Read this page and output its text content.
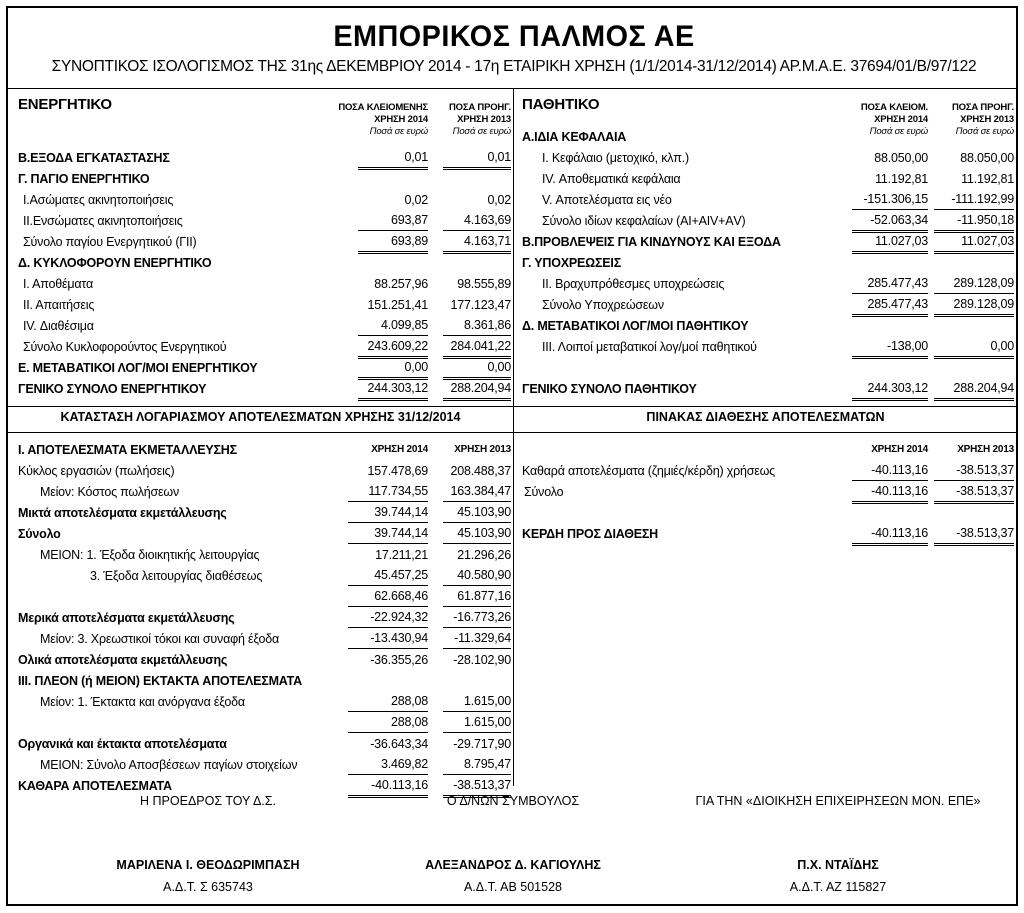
ΕΜΠΟΡΙΚΟΣ ΠΑΛΜΟΣ ΑΕ
ΣΥΝΟΠΤΙΚΟΣ ΙΣΟΛΟΓΙΣΜΟΣ ΤΗΣ 31ης ΔΕΚΕΜΒΡΙΟΥ 2014 - 17η ΕΤΑΙΡΙΚΗ ΧΡΗΣΗ (1/1/2014-31/12/2014) ΑΡ.Μ.Α.Ε. 37694/01/Β/97/122
ΕΝΕΡΓΗΤΙΚΟ	ΠΟΣΑ ΚΛΕΙΟΜΕΝΗΣ
ΧΡΗΣΗ 2014
Ποσά σε ευρώ
ΠΟΣΑ ΠΡΟΗΓ.
ΧΡΗΣΗ 2013
Ποσά σε ευρώ
Β.ΕΞΟΔΑ ΕΓΚΑΤΑΣΤΑΣΗΣ	0,01	0,01
Γ. ΠΑΓΙΟ ΕΝΕΡΓΗΤΙΚΟ
Ι.Ασώματες ακινητοποιήσεις	0,02	0,02
ΙΙ.Ενσώματες ακινητοποιήσεις	693,87	4.163,69
Σύνολο παγίου Ενεργητικού (ΓΙΙ)	693,89	4.163,71
Δ. ΚΥΚΛΟΦΟΡΟΥΝ ΕΝΕΡΓΗΤΙΚΟ
Ι. Αποθέματα	88.257,96	98.555,89
ΙΙ. Απαιτήσεις	151.251,41	177.123,47
IV. Διαθέσιμα	4.099,85	8.361,86
Σύνολο Κυκλοφορούντος Ενεργητικού	243.609,22	284.041,22
Ε. ΜΕΤΑΒΑΤΙΚΟΙ ΛΟΓ/ΜΟΙ ΕΝΕΡΓΗΤΙΚΟΥ	0,00	0,00
ΓΕΝΙΚΟ ΣΥΝΟΛΟ ΕΝΕΡΓΗΤΙΚΟΥ	244.303,12	288.204,94
ΠΑΘΗΤΙΚΟ	ΠΟΣΑ ΚΛΕΙΟΜ.
ΧΡΗΣΗ 2014
Ποσά σε ευρώ
ΠΟΣΑ ΠΡΟΗΓ.
ΧΡΗΣΗ 2013
Ποσά σε ευρώ
Α.ΙΔΙΑ ΚΕΦΑΛΑΙΑ
Ι. Κεφάλαιο (μετοχικό, κλπ.)	88.050,00	88.050,00
IV. Αποθεματικά κεφάλαια	11.192,81	11.192,81
V. Αποτελέσματα εις νέο	-151.306,15	-111.192,99
Σύνολο ιδίων κεφαλαίων (ΑΙ+ΑΙV+ΑV)	-52.063,34	-11.950,18
Β.ΠΡΟΒΛΕΨΕΙΣ ΓΙΑ ΚΙΝΔΥΝΟΥΣ ΚΑΙ ΕΞΟΔΑ	11.027,03	11.027,03
Γ. ΥΠΟΧΡΕΩΣΕΙΣ
ΙΙ. Βραχυπρόθεσμες υποχρεώσεις	285.477,43	289.128,09
Σύνολο Υποχρεώσεων	285.477,43	289.128,09
Δ. ΜΕΤΑΒΑΤΙΚΟΙ ΛΟΓ/ΜΟΙ ΠΑΘΗΤΙΚΟΥ
ΙΙΙ. Λοιποί μεταβατικοί λογ/μοί παθητικού	-138,00	0,00
ΓΕΝΙΚΟ ΣΥΝΟΛΟ ΠΑΘΗΤΙΚΟΥ	244.303,12	288.204,94
ΚΑΤΑΣΤΑΣΗ ΛΟΓΑΡΙΑΣΜΟΥ ΑΠΟΤΕΛΕΣΜΑΤΩΝ ΧΡΗΣΗΣ 31/12/2014
ΧΡΗΣΗ 2014	ΧΡΗΣΗ 2013
Ι. ΑΠΟΤΕΛΕΣΜΑΤΑ ΕΚΜΕΤΑΛΛΕΥΣΗΣ
Κύκλος εργασιών (πωλήσεις)	157.478,69	208.488,37
Μείον: Κόστος πωλήσεων	117.734,55	163.384,47
Μικτά αποτελέσματα εκμετάλλευσης	39.744,14	45.103,90
Σύνολο	39.744,14	45.103,90
ΜΕΙΟΝ: 1. Έξοδα διοικητικής λειτουργίας	17.211,21	21.296,26
3. Έξοδα λειτουργίας διαθέσεως	45.457,25	40.580,90
62.668,46	61.877,16
Μερικά αποτελέσματα εκμετάλλευσης	-22.924,32	-16.773,26
Μείον: 3. Χρεωστικοί τόκοι και συναφή έξοδα	-13.430,94	-11.329,64
Ολικά αποτελέσματα εκμετάλλευσης	-36.355,26	-28.102,90
ΙΙΙ. ΠΛΕΟΝ (ή ΜΕΙΟΝ) ΕΚΤΑΚΤΑ ΑΠΟΤΕΛΕΣΜΑΤΑ
Μείον: 1. Έκτακτα και ανόργανα έξοδα	288,08	1.615,00
288,08	1.615,00
Οργανικά και έκτακτα αποτελέσματα	-36.643,34	-29.717,90
ΜΕΙΟΝ: Σύνολο Αποσβέσεων παγίων στοιχείων	3.469,82	8.795,47
ΚΑΘΑΡΑ ΑΠΟΤΕΛΕΣΜΑΤΑ	-40.113,16	-38.513,37
ΠΙΝΑΚΑΣ ΔΙΑΘΕΣΗΣ ΑΠΟΤΕΛΕΣΜΑΤΩΝ
ΧΡΗΣΗ 2014	ΧΡΗΣΗ 2013
Καθαρά αποτελέσματα (ζημιές/κέρδη) χρήσεως	-40.113,16	-38.513,37
Σύνολο	-40.113,16	-38.513,37
ΚΕΡΔΗ ΠΡΟΣ ΔΙΑΘΕΣΗ	-40.113,16	-38.513,37
Η ΠΡΟΕΔΡΟΣ ΤΟΥ Δ.Σ.	Ο Δ/ΝΩΝ ΣΥΜΒΟΥΛΟΣ	ΓΙΑ ΤΗΝ «ΔΙΟΙΚΗΣΗ ΕΠΙΧΕΙΡΗΣΕΩΝ ΜΟΝ. ΕΠΕ»
ΜΑΡΙΛΕΝΑ Ι. ΘΕΟΔΩΡΙΜΠΑΣΗ	ΑΛΕΞΑΝΔΡΟΣ Δ. ΚΑΓΙΟΥΛΗΣ	Π.Χ. ΝΤΑΪΔΗΣ
Α.Δ.Τ. Σ 635743	Α.Δ.Τ. ΑΒ 501528	Α.Δ.Τ. ΑΖ 115827
